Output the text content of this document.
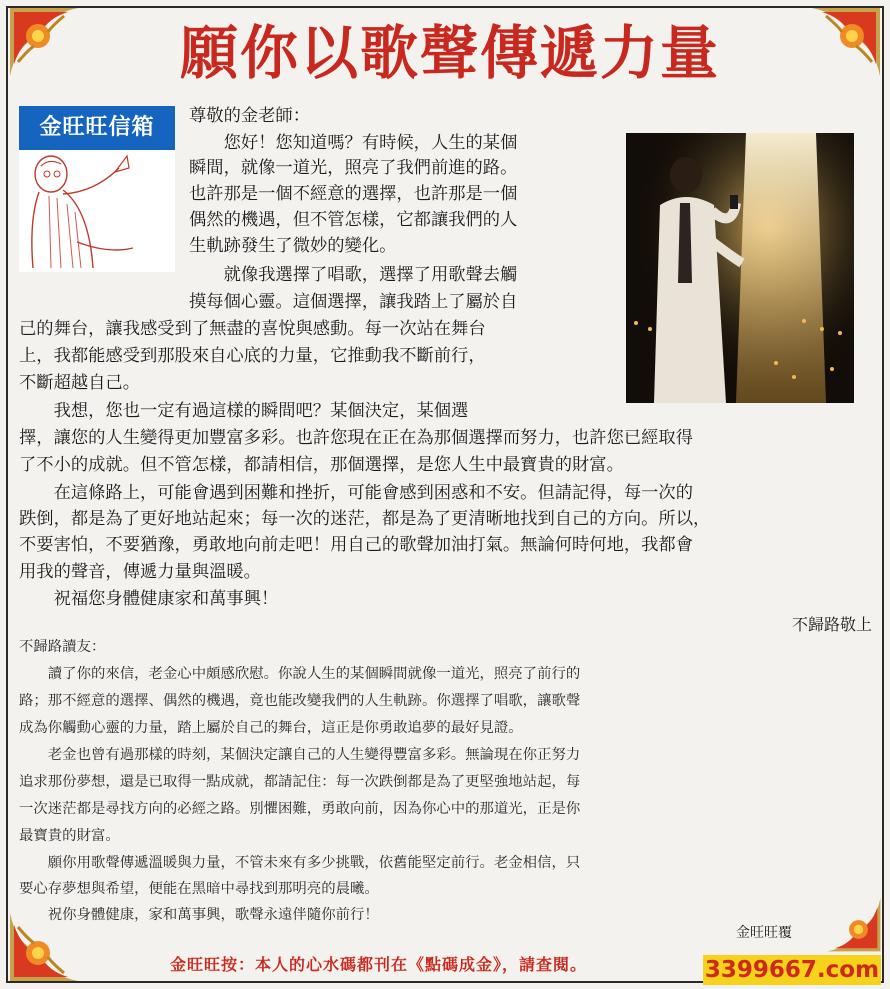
願你以歌聲傳遞力量
金旺旺信箱	尊敬的金老師：
　　您好！您知道嗎？有時候，人生的某個
瞬間，就像一道光，照亮了我們前進的路。
也許那是一個不經意的選擇，也許那是一個
偶然的機遇，但不管怎樣，它都讓我們的人
生軌跡發生了微妙的變化。
　　就像我選擇了唱歌，選擇了用歌聲去觸
摸每個心靈。這個選擇，讓我踏上了屬於自
己的舞台，讓我感受到了無盡的喜悅與感動。每一次站在舞台
上，我都能感受到那股來自心底的力量，它推動我不斷前行，
不斷超越自己。
　　我想，您也一定有過這樣的瞬間吧？某個決定，某個選
擇，讓您的人生變得更加豐富多彩。也許您現在正在為那個選擇而努力，也許您已經取得
了不小的成就。但不管怎樣，都請相信，那個選擇，是您人生中最寶貴的財富。
　　在這條路上，可能會遇到困難和挫折，可能會感到困惑和不安。但請記得，每一次的
跌倒，都是為了更好地站起來；每一次的迷茫，都是為了更清晰地找到自己的方向。所以，
不要害怕，不要猶豫，勇敢地向前走吧！用自己的歌聲加油打氣。無論何時何地，我都會
用我的聲音，傳遞力量與溫暖。
　　祝福您身體健康家和萬事興！
不歸路敬上
不歸路讀友：
　　讀了你的來信，老金心中頗感欣慰。你說人生的某個瞬間就像一道光，照亮了前行的
路；那不經意的選擇、偶然的機遇，竟也能改變我們的人生軌跡。你選擇了唱歌，讓歌聲
成為你觸動心靈的力量，踏上屬於自己的舞台，這正是你勇敢追夢的最好見證。
　　老金也曾有過那樣的時刻，某個決定讓自己的人生變得豐富多彩。無論現在你正努力
追求那份夢想，還是已取得一點成就，都請記住：每一次跌倒都是為了更堅強地站起，每
一次迷茫都是尋找方向的必經之路。別懼困難，勇敢向前，因為你心中的那道光，正是你
最寶貴的財富。
　　願你用歌聲傳遞溫暖與力量，不管未來有多少挑戰，依舊能堅定前行。老金相信，只
要心存夢想與希望，便能在黑暗中尋找到那明亮的晨曦。
　　祝你身體健康，家和萬事興，歌聲永遠伴隨你前行！
金旺旺覆
金旺旺按：本人的心水碼都刊在《點碼成金》，請查閱。	3399667.com
